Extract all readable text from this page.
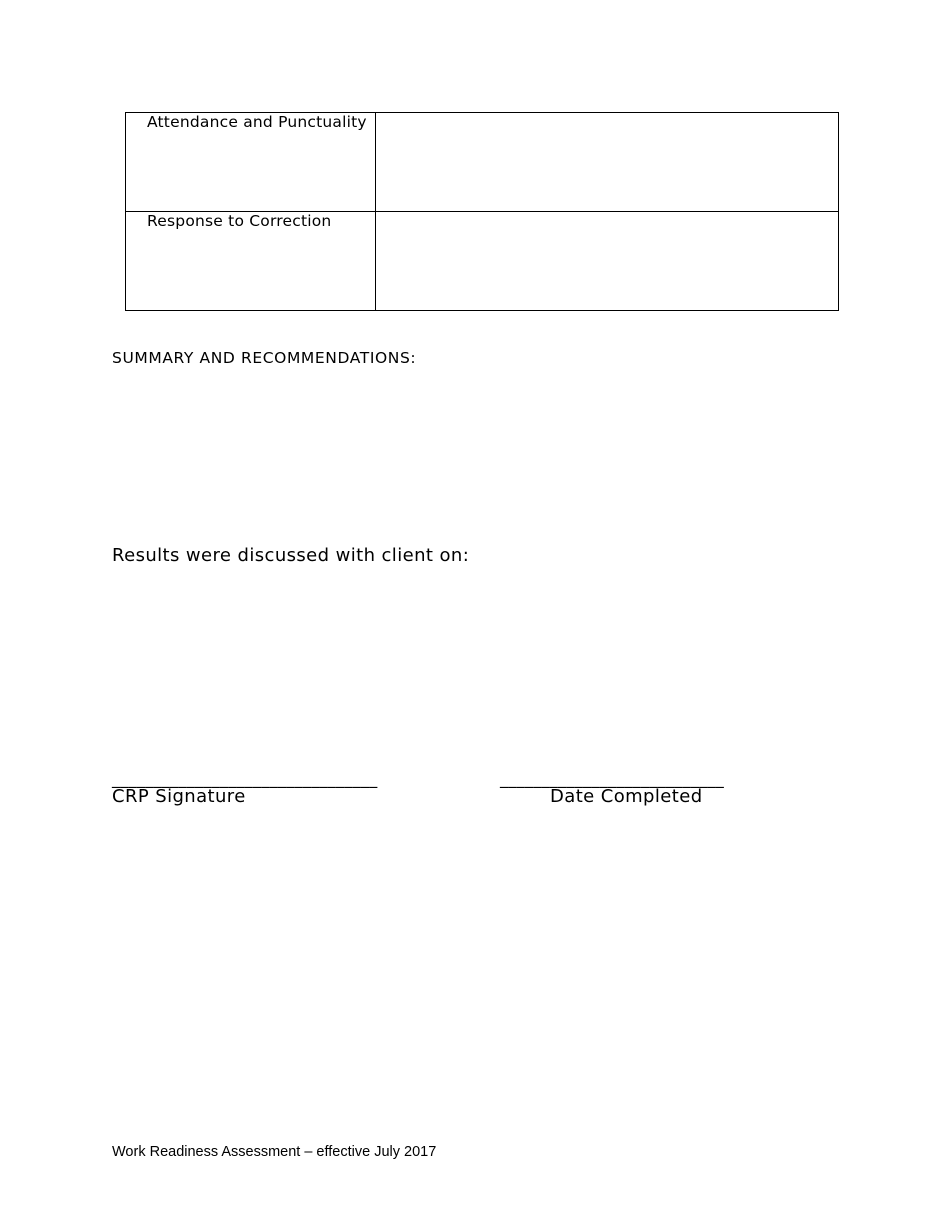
Attendance and Punctuality	
Response to Correction	
SUMMARY AND RECOMMENDATIONS:
Results were discussed with client on:
________________________________	___________________________
CRP Signature	Date Completed
Work Readiness Assessment – effective July 2017
